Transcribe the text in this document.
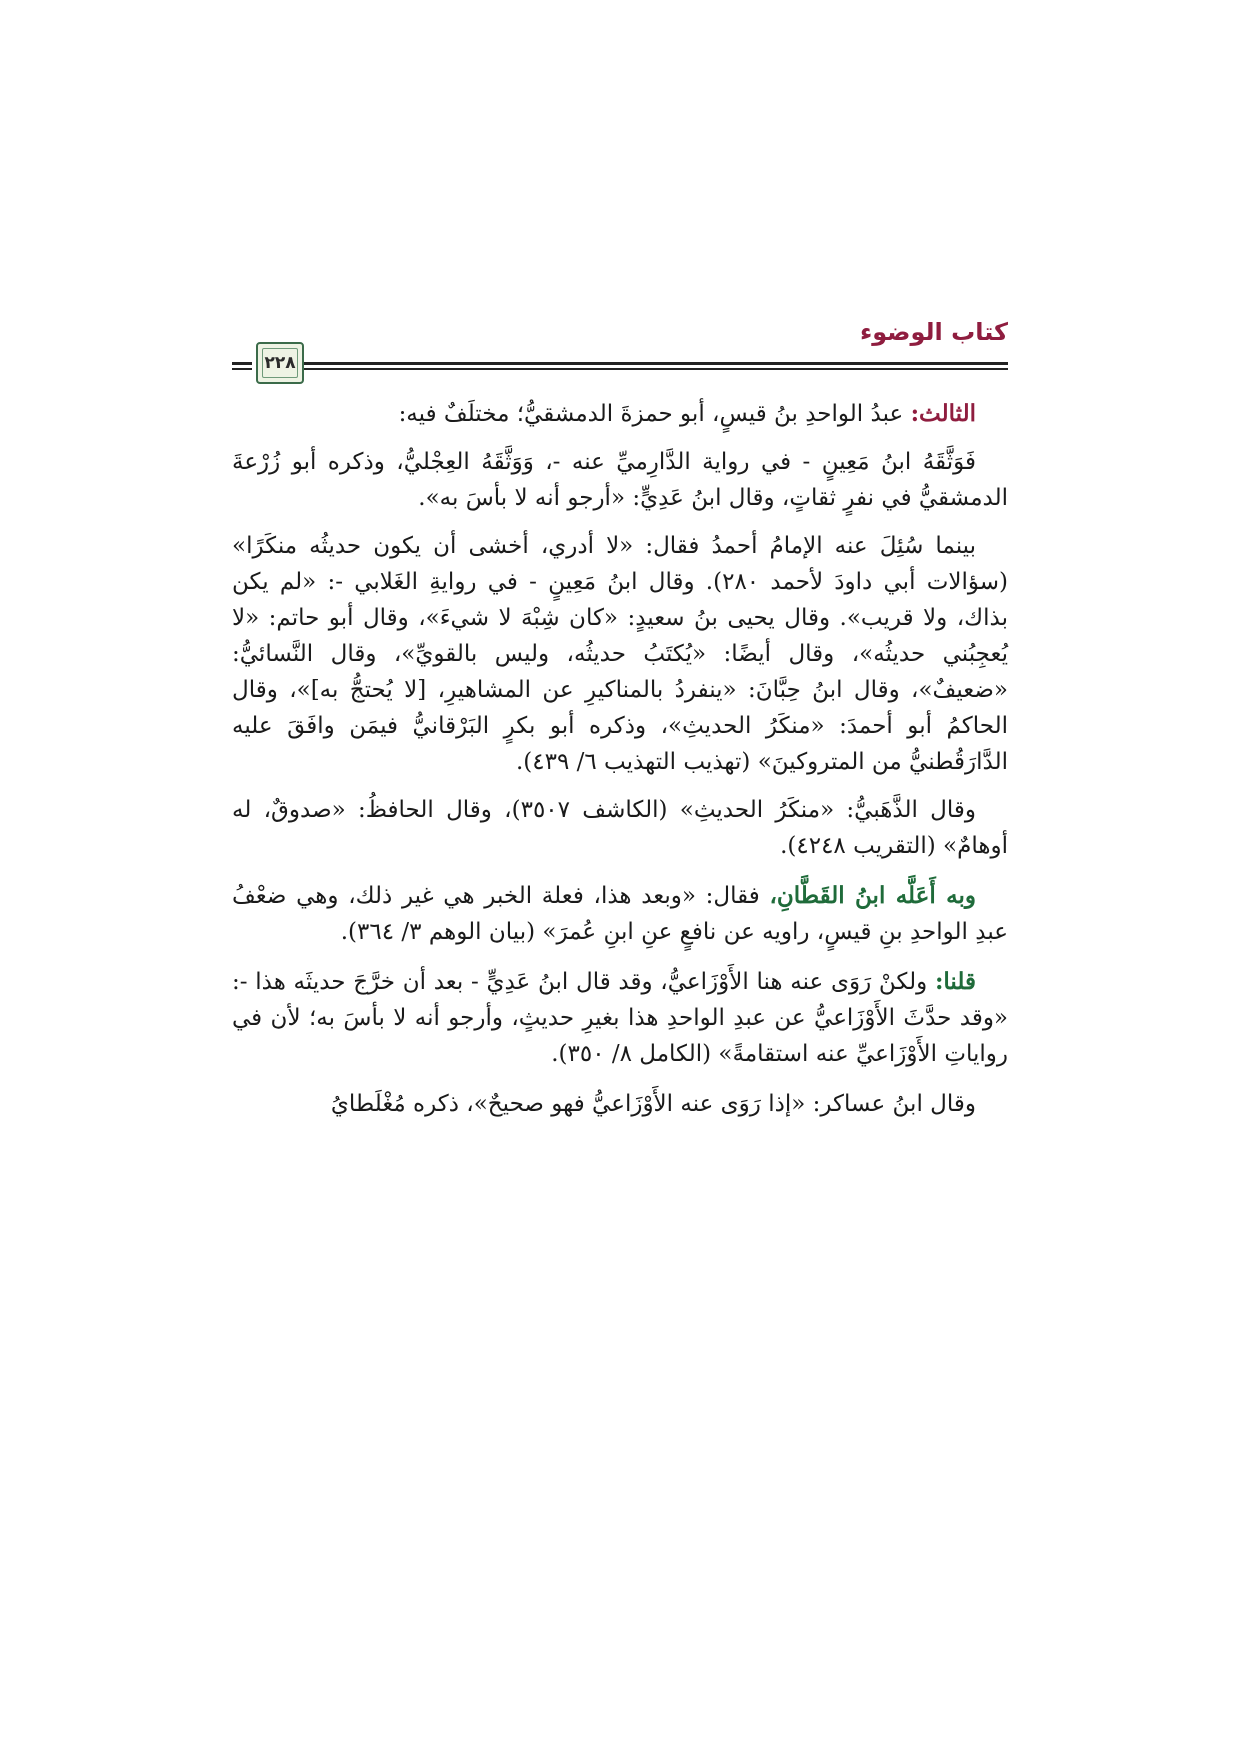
كتاب الوضوء
٢٢٨

الثالث: عبدُ الواحدِ بنُ قيسٍ، أبو حمزةَ الدمشقيُّ؛ مختلَفٌ فيه:

فَوَثَّقَهُ ابنُ مَعِينٍ - في رواية الدَّارِميِّ عنه -، وَوَثَّقَهُ العِجْليُّ، وذكره أبو زُرْعةَ الدمشقيُّ في نفرٍ ثقاتٍ، وقال ابنُ عَدِيٍّ: «أرجو أنه لا بأسَ به».

بينما سُئِلَ عنه الإمامُ أحمدُ فقال: «لا أدري، أخشى أن يكون حديثُه منكَرًا» (سؤالات أبي داودَ لأحمد ٢٨٠). وقال ابنُ مَعِينٍ - في روايةِ الغَلابي -: «لم يكن بذاك، ولا قريب». وقال يحيى بنُ سعيدٍ: «كان شِبْهَ لا شيءَ»، وقال أبو حاتم: «لا يُعجِبُني حديثُه»، وقال أيضًا: «يُكتَبُ حديثُه، وليس بالقويِّ»، وقال النَّسائيُّ: «ضعيفٌ»، وقال ابنُ حِبَّانَ: «ينفردُ بالمناكيرِ عن المشاهيرِ، [لا يُحتجُّ به]»، وقال الحاكمُ أبو أحمدَ: «منكَرُ الحديثِ»، وذكره أبو بكرٍ البَرْقانيُّ فيمَن وافَقَ عليه الدَّارَقُطنيُّ من المتروكينَ» (تهذيب التهذيب ٦/ ٤٣٩).

وقال الذَّهَبيُّ: «منكَرُ الحديثِ» (الكاشف ٣٥٠٧)، وقال الحافظُ: «صدوقٌ، له أوهامٌ» (التقريب ٤٢٤٨).

وبه أَعَلَّه ابنُ القَطَّانِ، فقال: «وبعد هذا، فعلة الخبر هي غير ذلك، وهي ضعْفُ عبدِ الواحدِ بنِ قيسٍ، راويه عن نافعٍ عنِ ابنِ عُمرَ» (بيان الوهم ٣/ ٣٦٤).

قلنا: ولكنْ رَوَى عنه هنا الأَوْزَاعيُّ، وقد قال ابنُ عَدِيٍّ - بعد أن خرَّجَ حديثَه هذا -: «وقد حدَّثَ الأَوْزَاعيُّ عن عبدِ الواحدِ هذا بغيرِ حديثٍ، وأرجو أنه لا بأسَ به؛ لأن في رواياتِ الأَوْزَاعيِّ عنه استقامةً» (الكامل ٨/ ٣٥٠).

وقال ابنُ عساكر: «إذا رَوَى عنه الأَوْزَاعيُّ فهو صحيحٌ»، ذكره مُغْلَطايُ
